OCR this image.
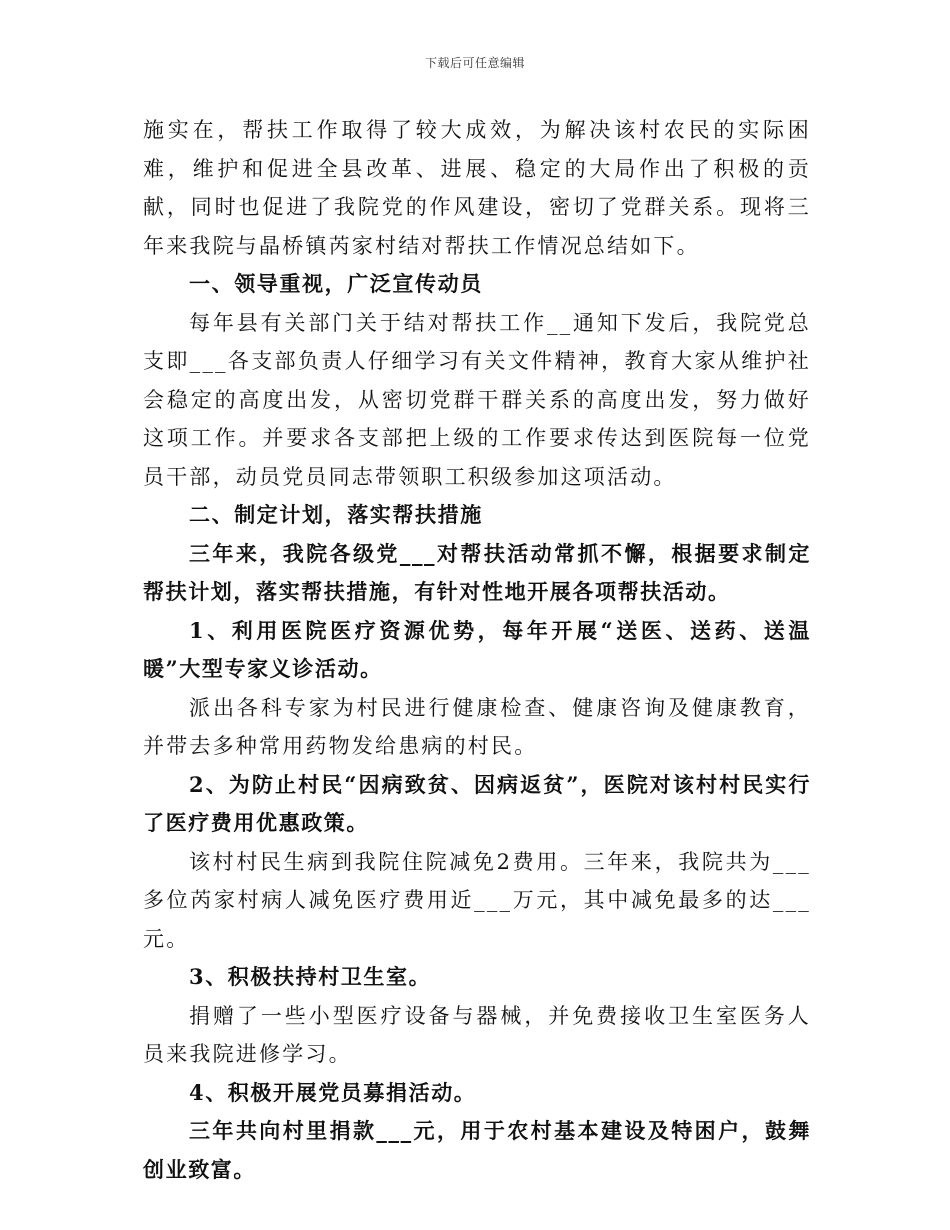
下载后可任意编辑

施实在，帮扶工作取得了较大成效，为解决该村农民的实际困难，维护和促进全县改革、进展、稳定的大局作出了积极的贡献，同时也促进了我院党的作风建设，密切了党群关系。现将三年来我院与晶桥镇芮家村结对帮扶工作情况总结如下。

一、领导重视，广泛宣传动员

每年县有关部门关于结对帮扶工作__通知下发后，我院党总支即___各支部负责人仔细学习有关文件精神，教育大家从维护社会稳定的高度出发，从密切党群干群关系的高度出发，努力做好这项工作。并要求各支部把上级的工作要求传达到医院每一位党员干部，动员党员同志带领职工积级参加这项活动。

二、制定计划，落实帮扶措施

三年来，我院各级党___对帮扶活动常抓不懈，根据要求制定帮扶计划，落实帮扶措施，有针对性地开展各项帮扶活动。

1、利用医院医疗资源优势，每年开展“送医、送药、送温暖”大型专家义诊活动。

派出各科专家为村民进行健康检查、健康咨询及健康教育，并带去多种常用药物发给患病的村民。

2、为防止村民“因病致贫、因病返贫”，医院对该村村民实行了医疗费用优惠政策。

该村村民生病到我院住院减免2费用。三年来，我院共为___多位芮家村病人减免医疗费用近___万元，其中减免最多的达___元。

3、积极扶持村卫生室。

捐赠了一些小型医疗设备与器械，并免费接收卫生室医务人员来我院进修学习。

4、积极开展党员募捐活动。

三年共向村里捐款___元，用于农村基本建设及特困户，鼓舞创业致富。
